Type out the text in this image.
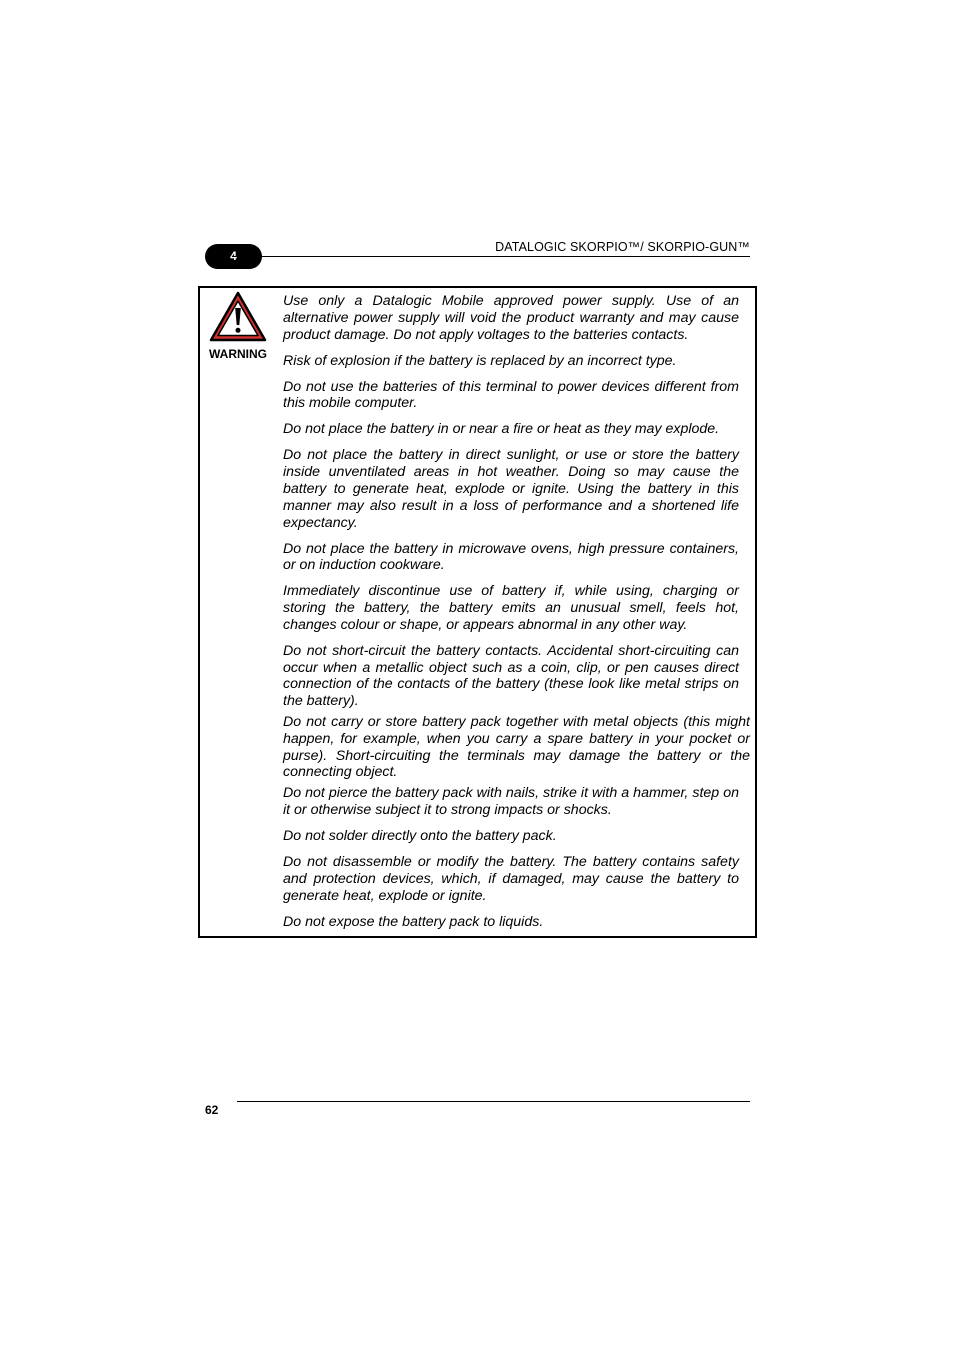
4
DATALOGIC SKORPIO™/ SKORPIO-GUN™
WARNING
Use only a Datalogic Mobile approved power supply. Use of an alternative power supply will void the product warranty and may cause product damage. Do not apply voltages to the batteries contacts.
Risk of explosion if the battery is replaced by an incorrect type.
Do not use the batteries of this terminal to power devices different from this mobile computer.
Do not place the battery in or near a fire or heat as they may explode.
Do not place the battery in direct sunlight, or use or store the battery inside unventilated areas in hot weather. Doing so may cause the battery to generate heat, explode or ignite. Using the battery in this manner may also result in a loss of performance and a shortened life expectancy.
Do not place the battery in microwave ovens, high pressure containers, or on induction cookware.
Immediately discontinue use of battery if, while using, charging or storing the battery, the battery emits an unusual smell, feels hot, changes colour or shape, or appears abnormal in any other way.
Do not short-circuit the battery contacts. Accidental short-circuiting can occur when a metallic object such as a coin, clip, or pen causes direct connection of the contacts of the battery (these look like metal strips on the battery).
Do not carry or store battery pack together with metal objects (this might happen, for example, when you carry a spare battery in your pocket or purse). Short-circuiting the terminals may damage the battery or the connecting object.
Do not pierce the battery pack with nails, strike it with a hammer, step on it or otherwise subject it to strong impacts or shocks.
Do not solder directly onto the battery pack.
Do not disassemble or modify the battery. The battery contains safety and protection devices, which, if damaged, may cause the battery to generate heat, explode or ignite.
Do not expose the battery pack to liquids.
62
